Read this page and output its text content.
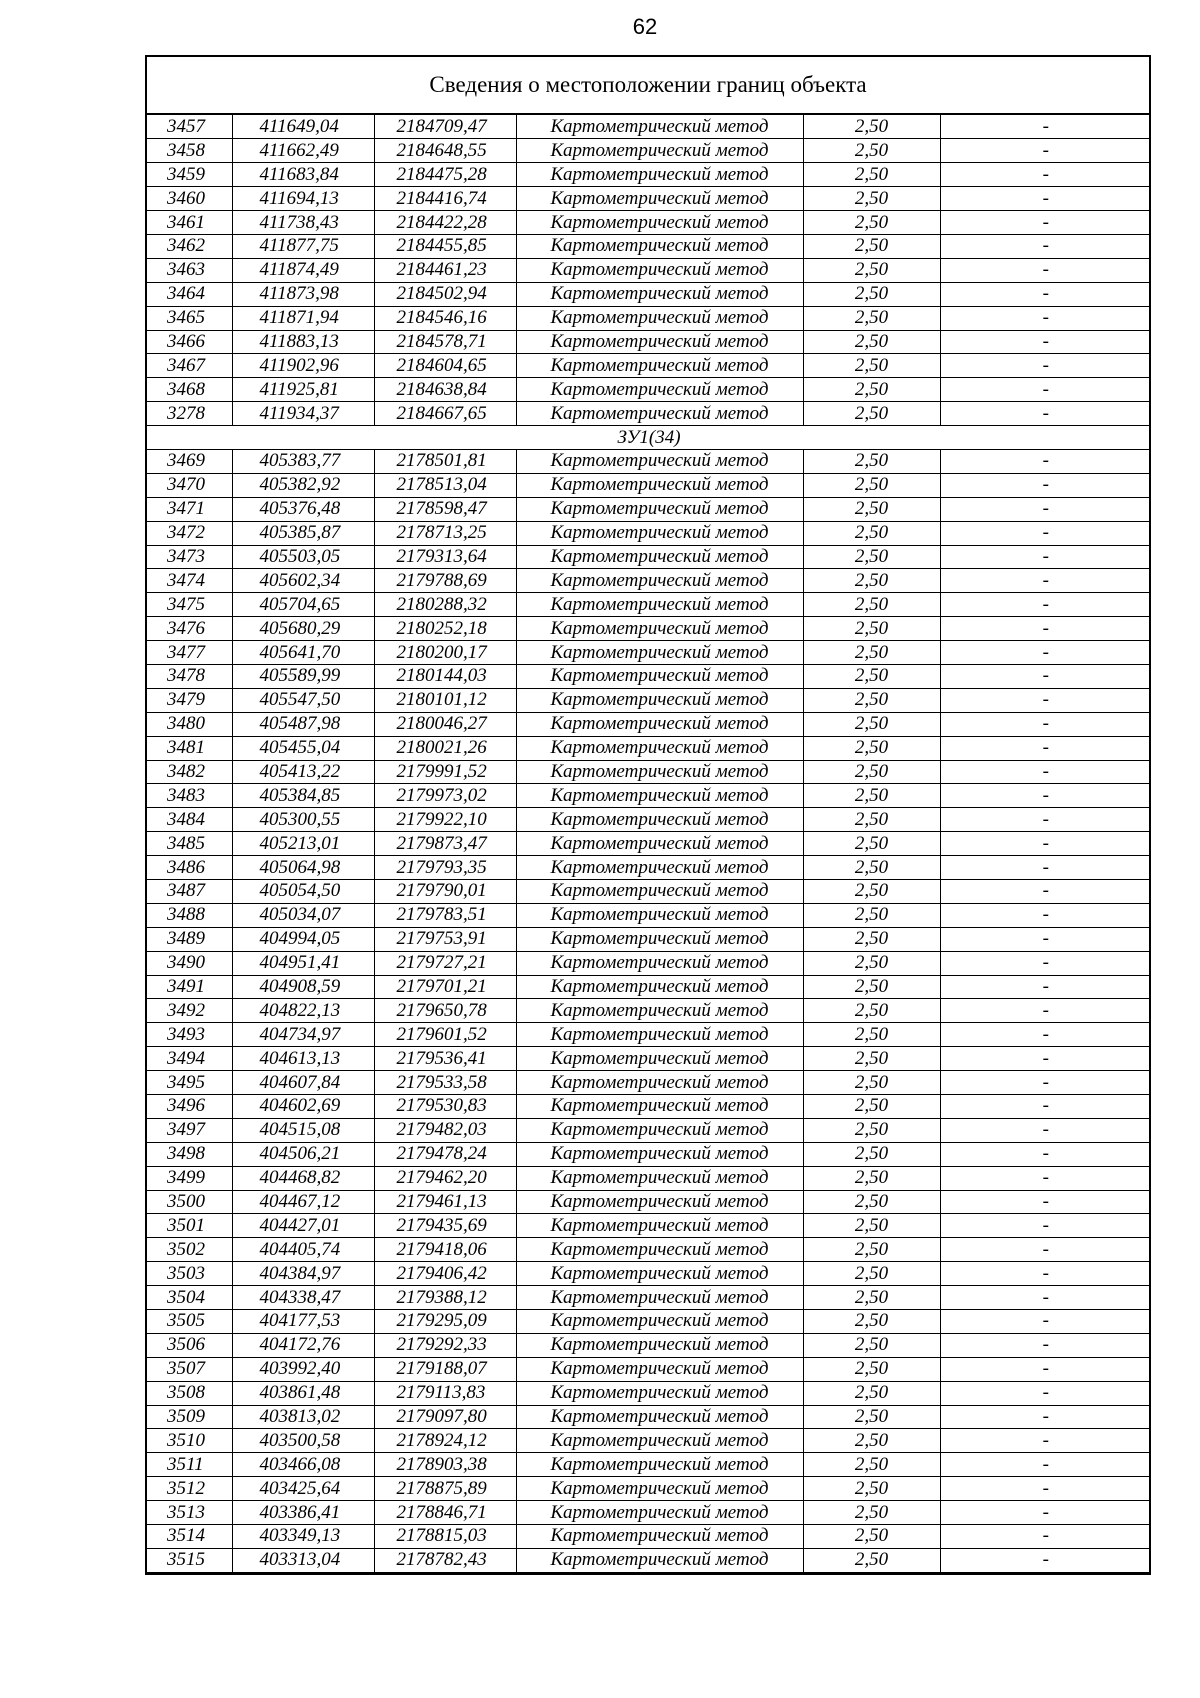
62
Сведения о местоположении границ объекта
3457	411649,04	2184709,47	Картометрический метод	2,50	-
3458	411662,49	2184648,55	Картометрический метод	2,50	-
3459	411683,84	2184475,28	Картометрический метод	2,50	-
3460	411694,13	2184416,74	Картометрический метод	2,50	-
3461	411738,43	2184422,28	Картометрический метод	2,50	-
3462	411877,75	2184455,85	Картометрический метод	2,50	-
3463	411874,49	2184461,23	Картометрический метод	2,50	-
3464	411873,98	2184502,94	Картометрический метод	2,50	-
3465	411871,94	2184546,16	Картометрический метод	2,50	-
3466	411883,13	2184578,71	Картометрический метод	2,50	-
3467	411902,96	2184604,65	Картометрический метод	2,50	-
3468	411925,81	2184638,84	Картометрический метод	2,50	-
3278	411934,37	2184667,65	Картометрический метод	2,50	-
ЗУ1(34)					
3469	405383,77	2178501,81	Картометрический метод	2,50	-
3470	405382,92	2178513,04	Картометрический метод	2,50	-
3471	405376,48	2178598,47	Картометрический метод	2,50	-
3472	405385,87	2178713,25	Картометрический метод	2,50	-
3473	405503,05	2179313,64	Картометрический метод	2,50	-
3474	405602,34	2179788,69	Картометрический метод	2,50	-
3475	405704,65	2180288,32	Картометрический метод	2,50	-
3476	405680,29	2180252,18	Картометрический метод	2,50	-
3477	405641,70	2180200,17	Картометрический метод	2,50	-
3478	405589,99	2180144,03	Картометрический метод	2,50	-
3479	405547,50	2180101,12	Картометрический метод	2,50	-
3480	405487,98	2180046,27	Картометрический метод	2,50	-
3481	405455,04	2180021,26	Картометрический метод	2,50	-
3482	405413,22	2179991,52	Картометрический метод	2,50	-
3483	405384,85	2179973,02	Картометрический метод	2,50	-
3484	405300,55	2179922,10	Картометрический метод	2,50	-
3485	405213,01	2179873,47	Картометрический метод	2,50	-
3486	405064,98	2179793,35	Картометрический метод	2,50	-
3487	405054,50	2179790,01	Картометрический метод	2,50	-
3488	405034,07	2179783,51	Картометрический метод	2,50	-
3489	404994,05	2179753,91	Картометрический метод	2,50	-
3490	404951,41	2179727,21	Картометрический метод	2,50	-
3491	404908,59	2179701,21	Картометрический метод	2,50	-
3492	404822,13	2179650,78	Картометрический метод	2,50	-
3493	404734,97	2179601,52	Картометрический метод	2,50	-
3494	404613,13	2179536,41	Картометрический метод	2,50	-
3495	404607,84	2179533,58	Картометрический метод	2,50	-
3496	404602,69	2179530,83	Картометрический метод	2,50	-
3497	404515,08	2179482,03	Картометрический метод	2,50	-
3498	404506,21	2179478,24	Картометрический метод	2,50	-
3499	404468,82	2179462,20	Картометрический метод	2,50	-
3500	404467,12	2179461,13	Картометрический метод	2,50	-
3501	404427,01	2179435,69	Картометрический метод	2,50	-
3502	404405,74	2179418,06	Картометрический метод	2,50	-
3503	404384,97	2179406,42	Картометрический метод	2,50	-
3504	404338,47	2179388,12	Картометрический метод	2,50	-
3505	404177,53	2179295,09	Картометрический метод	2,50	-
3506	404172,76	2179292,33	Картометрический метод	2,50	-
3507	403992,40	2179188,07	Картометрический метод	2,50	-
3508	403861,48	2179113,83	Картометрический метод	2,50	-
3509	403813,02	2179097,80	Картометрический метод	2,50	-
3510	403500,58	2178924,12	Картометрический метод	2,50	-
3511	403466,08	2178903,38	Картометрический метод	2,50	-
3512	403425,64	2178875,89	Картометрический метод	2,50	-
3513	403386,41	2178846,71	Картометрический метод	2,50	-
3514	403349,13	2178815,03	Картометрический метод	2,50	-
3515	403313,04	2178782,43	Картометрический метод	2,50	-
